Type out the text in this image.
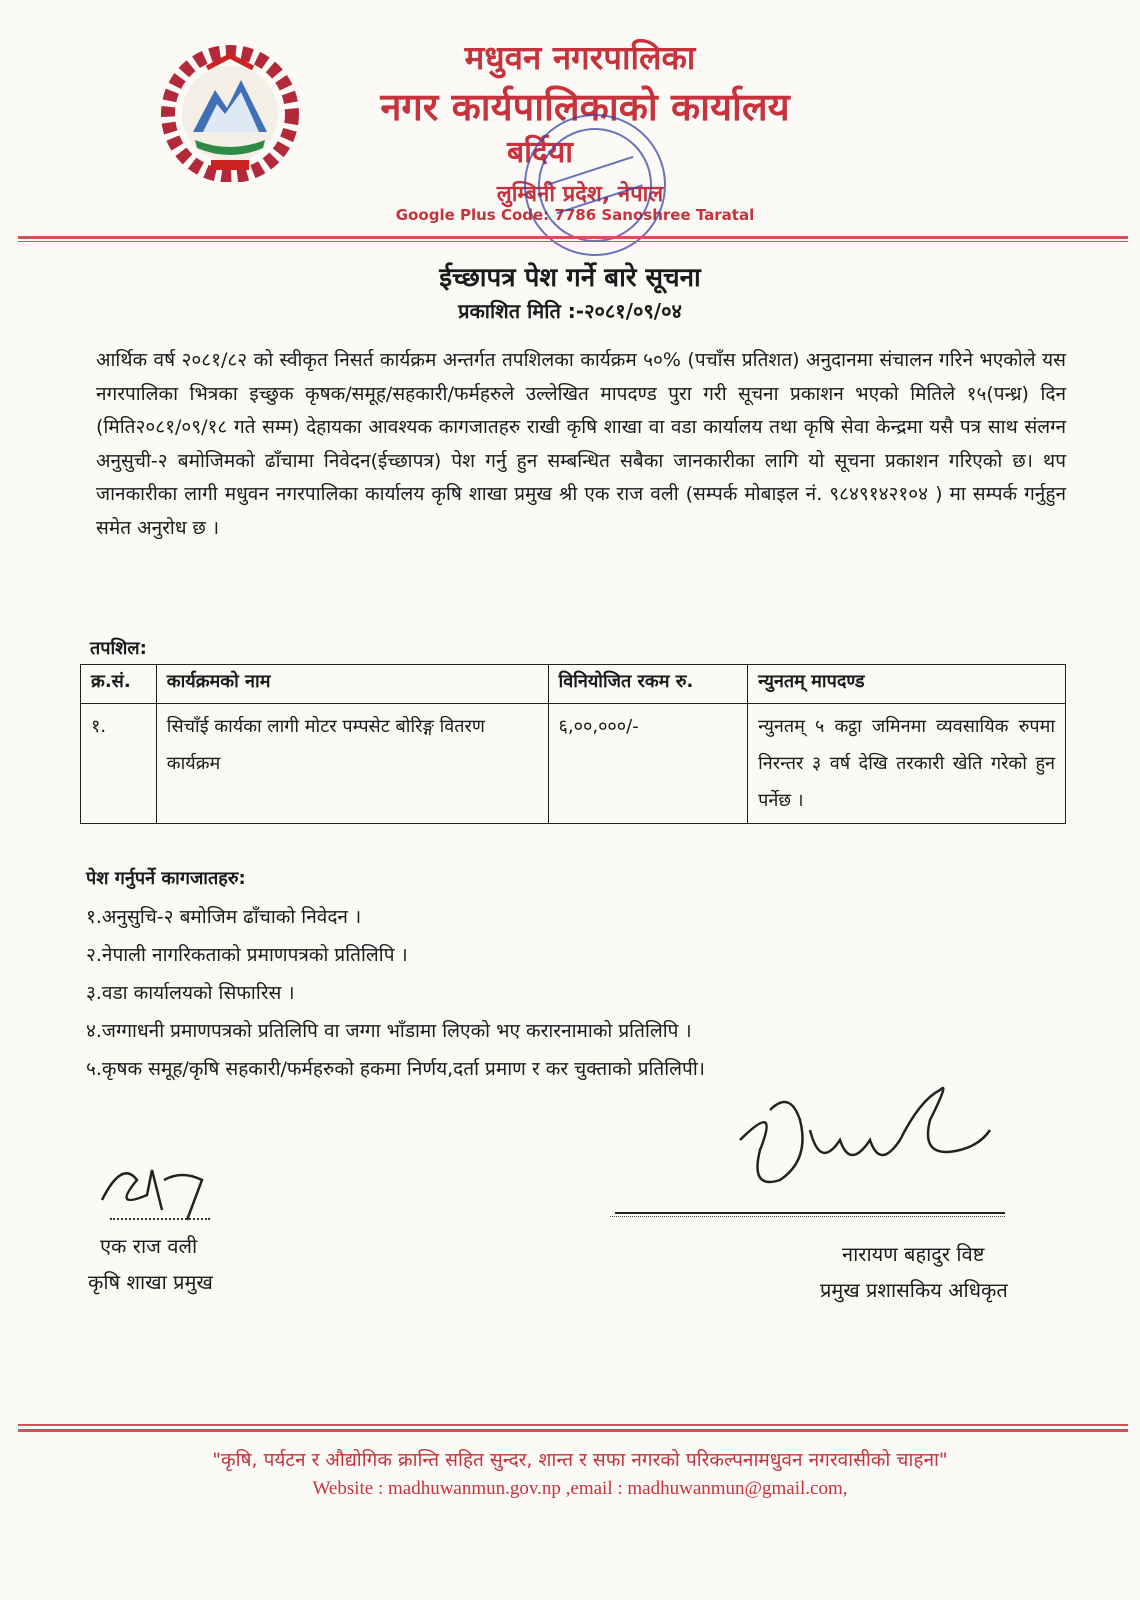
मधुवन नगरपालिका
नगर कार्यपालिकाको कार्यालय
बर्दिया
लुम्बिनी प्रदेश, नेपाल
Google Plus Code: 7786 Sanoshree Taratal
ईच्छापत्र पेश गर्ने बारे सूचना
प्रकाशित मिति :-२०८१/०९/०४
आर्थिक वर्ष २०८१/८२ को स्वीकृत निसर्त कार्यक्रम अन्तर्गत तपशिलका कार्यक्रम ५०% (पचाँस प्रतिशत) अनुदानमा संचालन गरिने भएकोले यस नगरपालिका भित्रका इच्छुक कृषक/समूह/सहकारी/फर्महरुले उल्लेखित मापदण्ड पुरा गरी सूचना प्रकाशन भएको मितिले १५(पन्ध्र) दिन (मिति२०८१/०९/१८ गते सम्म) देहायका आवश्यक कागजातहरु राखी कृषि शाखा वा वडा कार्यालय तथा कृषि सेवा केन्द्रमा यसै पत्र साथ संलग्न अनुसुची-२ बमोजिमको ढाँचामा निवेदन(ईच्छापत्र) पेश गर्नु हुन सम्बन्धित सबैका जानकारीका लागि यो सूचना प्रकाशन गरिएको छ। थप जानकारीका लागी मधुवन नगरपालिका कार्यालय कृषि शाखा प्रमुख श्री एक राज वली (सम्पर्क मोबाइल नं. ९८४९१४२१०४ ) मा सम्पर्क गर्नुहुन समेत अनुरोध छ ।
तपशिल:
क्र.सं.	कार्यक्रमको नाम	विनियोजित रकम रु.	न्युनतम् मापदण्ड
१.	सिचाँई कार्यका लागी मोटर पम्पसेट बोरिङ्ग वितरण कार्यक्रम	६,००,०००/-	न्युनतम् ५ कट्ठा जमिनमा व्यवसायिक रुपमा निरन्तर ३ वर्ष देखि तरकारी खेति गरेको हुन पर्नेछ ।
पेश गर्नुपर्ने कागजातहरु:
१.अनुसुचि-२ बमोजिम ढाँचाको निवेदन ।
२.नेपाली नागरिकताको प्रमाणपत्रको प्रतिलिपि ।
३.वडा कार्यालयको सिफारिस ।
४.जग्गाधनी प्रमाणपत्रको प्रतिलिपि वा जग्गा भाँडामा लिएको भए करारनामाको प्रतिलिपि ।
५.कृषक समूह/कृषि सहकारी/फर्महरुको हकमा निर्णय,दर्ता प्रमाण र कर चुक्ताको प्रतिलिपी।
एक राज वली
कृषि शाखा प्रमुख
नारायण बहादुर विष्ट
प्रमुख प्रशासकिय अधिकृत
"कृषि, पर्यटन र औद्योगिक क्रान्ति सहित सुन्दर, शान्त र सफा नगरको परिकल्पनामधुवन नगरवासीको चाहना"
Website : madhuwanmun.gov.np ,email : madhuwanmun@gmail.com,
